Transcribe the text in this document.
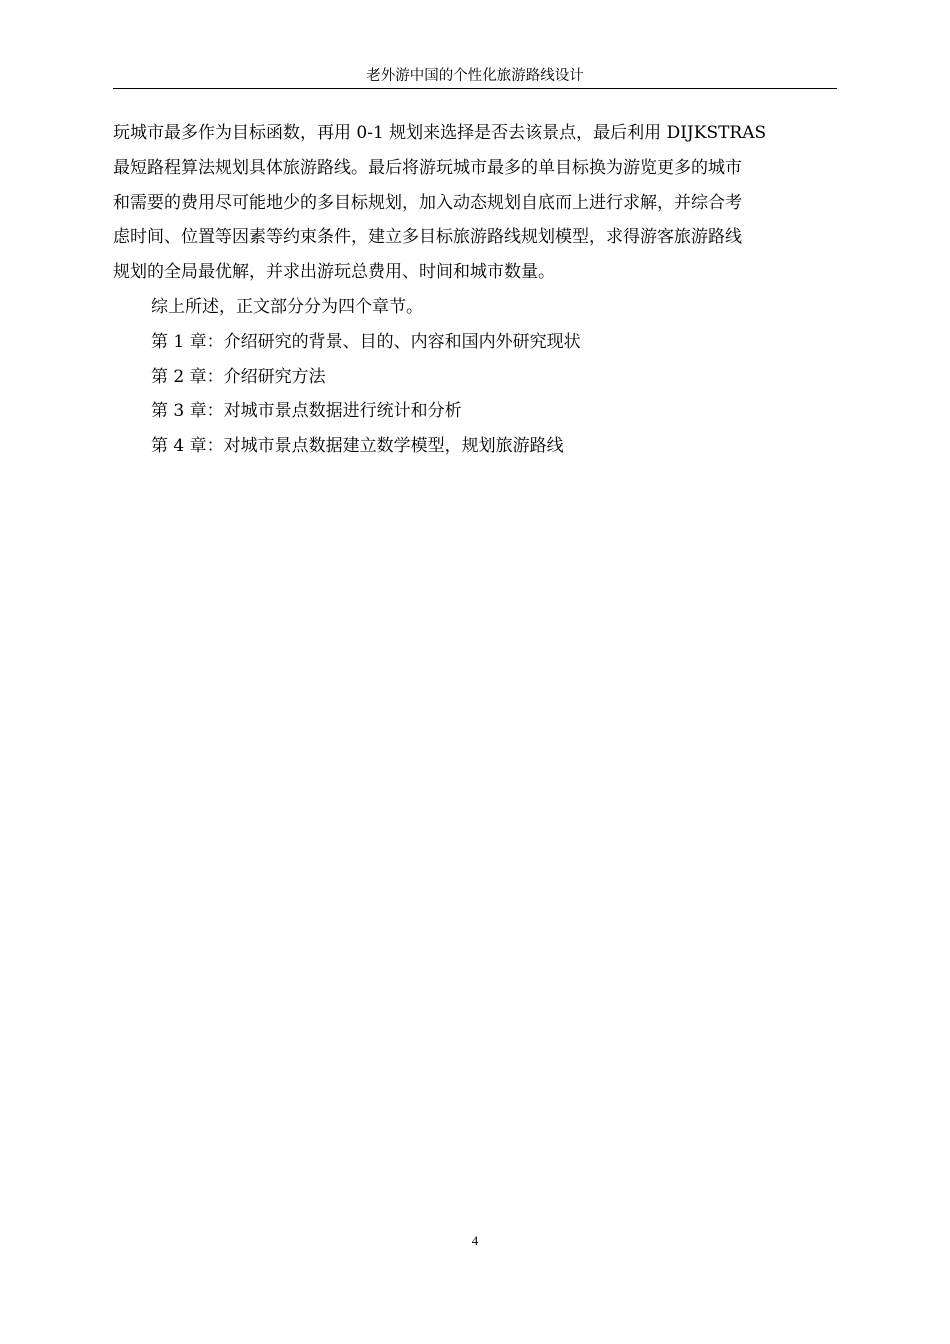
老外游中国的个性化旅游路线设计

玩城市最多作为目标函数，再用 0-1 规划来选择是否去该景点，最后利用 DIJKSTRAS
最短路程算法规划具体旅游路线。最后将游玩城市最多的单目标换为游览更多的城市
和需要的费用尽可能地少的多目标规划，加入动态规划自底而上进行求解，并综合考
虑时间、位置等因素等约束条件，建立多目标旅游路线规划模型，求得游客旅游路线
规划的全局最优解，并求出游玩总费用、时间和城市数量。

综上所述，正文部分分为四个章节。

第 1 章：介绍研究的背景、目的、内容和国内外研究现状

第 2 章：介绍研究方法

第 3 章：对城市景点数据进行统计和分析

第 4 章：对城市景点数据建立数学模型，规划旅游路线

4
